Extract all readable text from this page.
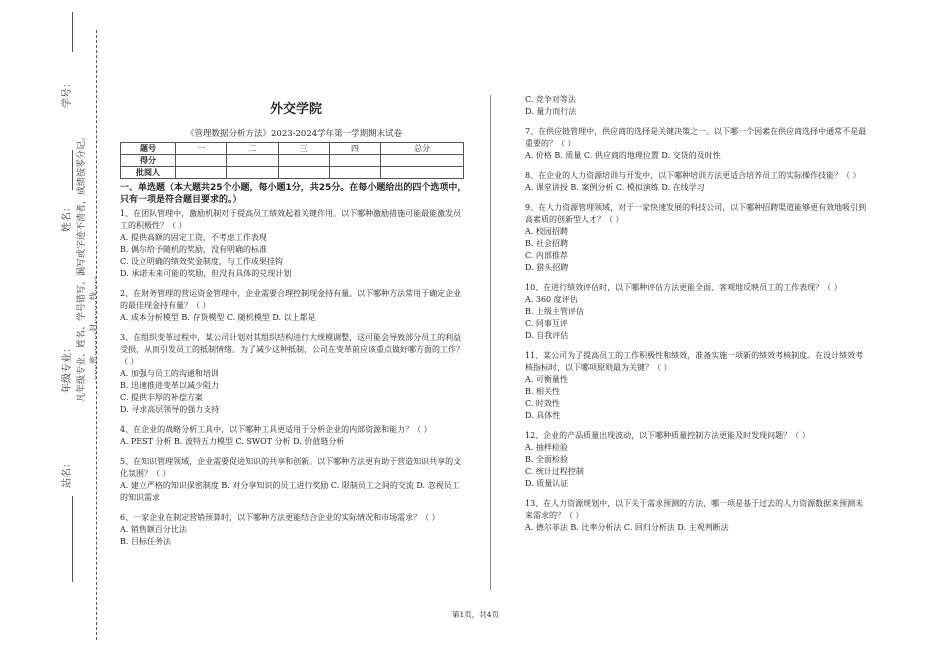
学号：
姓名：
年级专业：
站名：
凡年级专业、姓名、学号错写、漏写或字迹不清者，成绩按零分记。 ……密………封………线……
外交学院
《管理数据分析方法》2023-2024学年第一学期期末试卷
题号	一	二	三	四	总分
得分					
批阅人					
一、单选题（本大题共25个小题，每小题1分，共25分。在每小题给出的四个选项中，只有一项是符合题目要求的。）

1、在团队管理中，激励机制对于提高员工绩效起着关键作用。以下哪种激励措施可能最能激发员工的积极性？（ ）

A. 提供高额的固定工资，不考虑工作表现

B. 偶尔给予随机的奖励，没有明确的标准

C. 设立明确的绩效奖金制度，与工作成果挂钩

D. 承诺未来可能的奖励，但没有具体的兑现计划

2、在财务管理的营运资金管理中，企业需要合理控制现金持有量。以下哪种方法常用于确定企业的最佳现金持有量？（ ）

A. 成本分析模型 B. 存货模型 C. 随机模型 D. 以上都是

3、在组织变革过程中，某公司计划对其组织结构进行大规模调整，这可能会导致部分员工的利益受损，从而引发员工的抵制情绪。为了减少这种抵制，公司在变革前应该重点做好哪方面的工作？（ ）

A. 加强与员工的沟通和培训

B. 迅速推进变革以减少阻力

C. 提供丰厚的补偿方案

D. 寻求高层领导的强力支持

4、在企业的战略分析工具中，以下哪种工具更适用于分析企业的内部资源和能力？（ ）

A. PEST 分析 B. 波特五力模型 C. SWOT 分析 D. 价值链分析

5、在知识管理领域，企业需要促进知识的共享和创新。以下哪种方法更有助于营造知识共享的文化氛围？（ ）

A. 建立严格的知识保密制度 B. 对分享知识的员工进行奖励 C. 限制员工之间的交流 D. 忽视员工的知识需求

6、一家企业在制定营销预算时，以下哪种方法更能结合企业的实际情况和市场需求？（ ）

A. 销售额百分比法

B. 目标任务法

C. 竞争对等法

D. 量力而行法

7、在供应链管理中，供应商的选择是关键决策之一。以下哪一个因素在供应商选择中通常不是最重要的？（ ）

A. 价格 B. 质量 C. 供应商的地理位置 D. 交货的及时性

8、在企业的人力资源培训与开发中，以下哪种培训方法更适合培养员工的实际操作技能？（ ）

A. 课堂讲授 B. 案例分析 C. 模拟演练 D. 在线学习

9、在人力资源管理领域，对于一家快速发展的科技公司，以下哪种招聘渠道能够更有效地吸引到高素质的创新型人才？（ ）

A. 校园招聘

B. 社会招聘

C. 内部推荐

D. 猎头招聘

10、在进行绩效评估时，以下哪种评估方法更能全面、客观地反映员工的工作表现？（ ）

A. 360 度评估

B. 上级主管评估

C. 同事互评

D. 自我评估

11、某公司为了提高员工的工作积极性和绩效，准备实施一项新的绩效考核制度。在设计绩效考核指标时，以下哪项原则最为关键？（ ）

A. 可衡量性

B. 相关性

C. 时效性

D. 具体性

12、企业的产品质量出现波动，以下哪种质量控制方法更能及时发现问题？（ ）

A. 抽样检验

B. 全面检验

C. 统计过程控制

D. 质量认证

13、在人力资源规划中，以下关于需求预测的方法，哪一项是基于过去的人力资源数据来预测未来需求的？（ ）

A. 德尔菲法 B. 比率分析法 C. 回归分析法 D. 主观判断法

第1页，共4页
